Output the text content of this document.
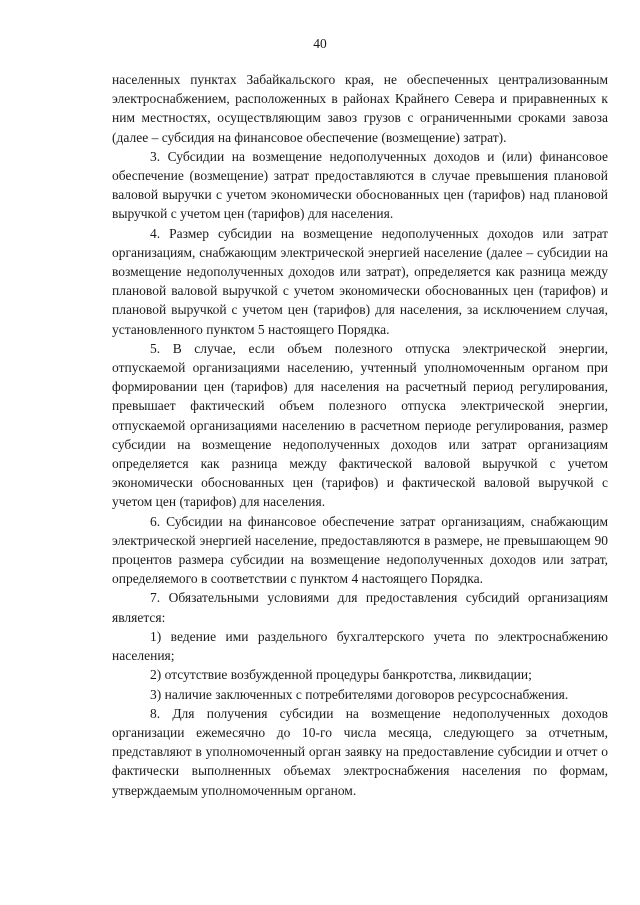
40

населенных пунктах Забайкальского края, не обеспеченных централизованным электроснабжением, расположенных в районах Крайнего Севера и приравненных к ним местностях, осуществляющим завоз грузов с ограниченными сроками завоза (далее – субсидия на финансовое обеспечение (возмещение) затрат).

3. Субсидии на возмещение недополученных доходов и (или) финансовое обеспечение (возмещение) затрат предоставляются в случае превышения плановой валовой выручки с учетом экономически обоснованных цен (тарифов) над плановой выручкой с учетом цен (тарифов) для населения.

4. Размер субсидии на возмещение недополученных доходов или затрат организациям, снабжающим электрической энергией население (далее – субсидии на возмещение недополученных доходов или затрат), определяется как разница между плановой валовой выручкой с учетом экономически обоснованных цен (тарифов) и плановой выручкой с учетом цен (тарифов) для населения, за исключением случая, установленного пунктом 5 настоящего Порядка.

5. В случае, если объем полезного отпуска электрической энергии, отпускаемой организациями населению, учтенный уполномоченным органом при формировании цен (тарифов) для населения на расчетный период регулирования, превышает фактический объем полезного отпуска электрической энергии, отпускаемой организациями населению в расчетном периоде регулирования, размер субсидии на возмещение недополученных доходов или затрат организациям определяется как разница между фактической валовой выручкой с учетом экономически обоснованных цен (тарифов) и фактической валовой выручкой с учетом цен (тарифов) для населения.

6. Субсидии на финансовое обеспечение затрат организациям, снабжающим электрической энергией население, предоставляются в размере, не превышающем 90 процентов размера субсидии на возмещение недополученных доходов или затрат, определяемого в соответствии с пунктом 4 настоящего Порядка.

7. Обязательными условиями для предоставления субсидий организациям является:

1) ведение ими раздельного бухгалтерского учета по электроснабжению населения;

2) отсутствие возбужденной процедуры банкротства, ликвидации;

3) наличие заключенных с потребителями договоров ресурсоснабжения.

8. Для получения субсидии на возмещение недополученных доходов организации ежемесячно до 10-го числа месяца, следующего за отчетным, представляют в уполномоченный орган заявку на предоставление субсидии и отчет о фактически выполненных объемах электроснабжения населения по формам, утверждаемым уполномоченным органом.
